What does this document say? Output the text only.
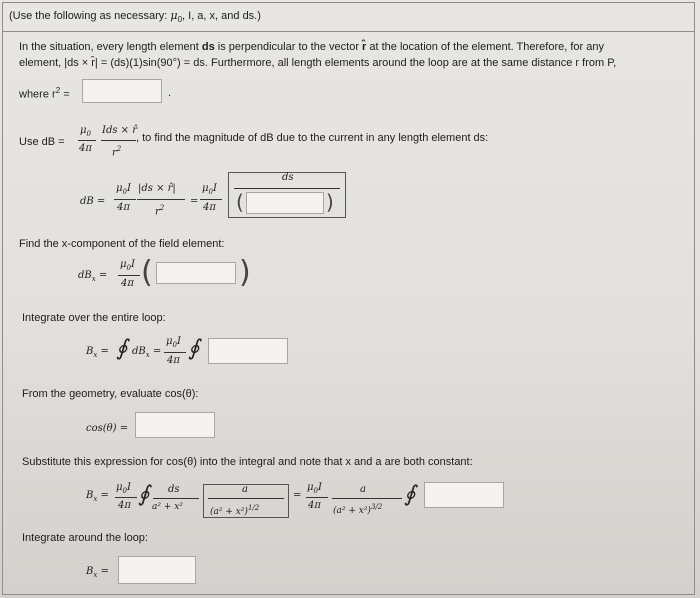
(Use the following as necessary: $\mu_0$, I, a, x, and ds.)
In the situation, every length element ds is perpendicular to the vector r̂ at the location of the element. Therefore, for any
element, |ds × r̂| = (ds)(1)sin(90°) = ds. Furthermore, all length elements around the loop are at the same distance r from P,
where $r^2$ =	.
Use dB =
$\mu_0$
4π
Ids × r̂
$r^2$
, to find the magnitude of dB due to the current in any length element ds:
dB =
$\mu_0I$
4π
|ds × r̂|
$r^2$
=
$\mu_0I$
4π
ds
(	)
Find the x-component of the field element:
$dB_x$ =
$\mu_0I$
4π (	)
Integrate over the entire loop:
$B_x$ = ∮ $dB_x$ =
$\mu_0I$
4π ∮
From the geometry, evaluate cos(θ):
cos(θ) =
Substitute this expression for cos(θ) into the integral and note that x and a are both constant:
$B_x$ =
$\mu_0I$
4π ∮ ds
a² + x²
a
$(a^2 + x^2)^{1/2}$
=
$\mu_0I$
4π
a
$(a^2 + x^2)^{3/2}$ ∮
Integrate around the loop:
$B_x$ =
